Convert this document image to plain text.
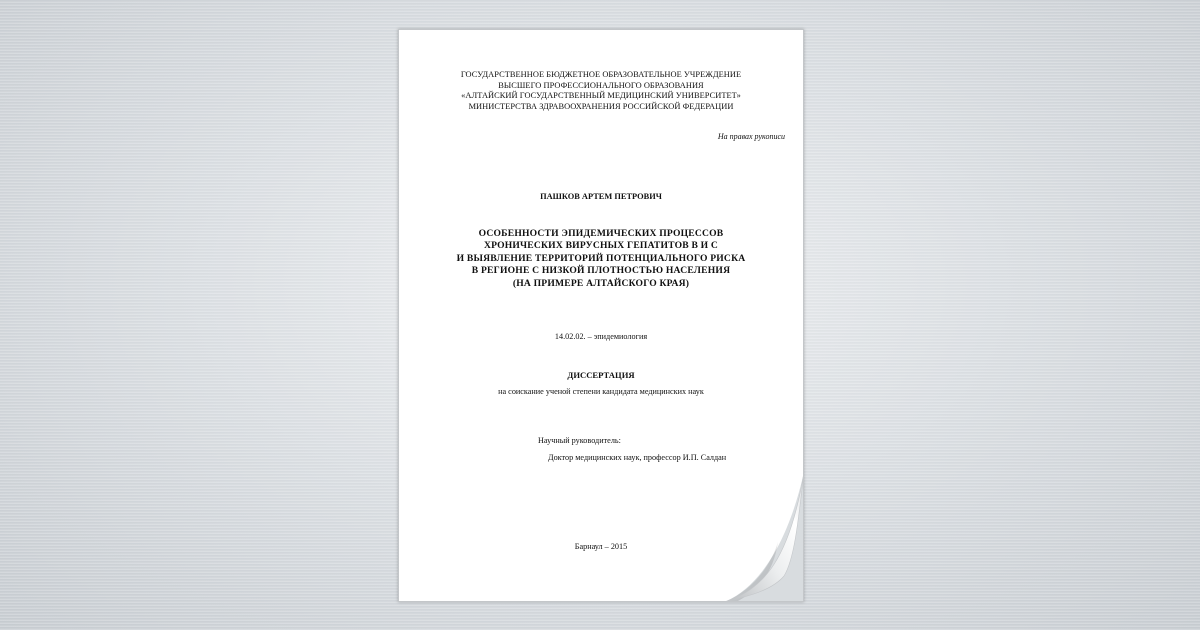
ГОСУДАРСТВЕННОЕ БЮДЖЕТНОЕ ОБРАЗОВАТЕЛЬНОЕ УЧРЕЖДЕНИЕ
ВЫСШЕГО ПРОФЕССИОНАЛЬНОГО ОБРАЗОВАНИЯ
«АЛТАЙСКИЙ ГОСУДАРСТВЕННЫЙ МЕДИЦИНСКИЙ УНИВЕРСИТЕТ»
МИНИСТЕРСТВА ЗДРАВООХРАНЕНИЯ РОССИЙСКОЙ ФЕДЕРАЦИИ
На правах рукописи
ПАШКОВ АРТЕМ ПЕТРОВИЧ
ОСОБЕННОСТИ ЭПИДЕМИЧЕСКИХ ПРОЦЕССОВ
ХРОНИЧЕСКИХ ВИРУСНЫХ ГЕПАТИТОВ В И С
И ВЫЯВЛЕНИЕ ТЕРРИТОРИЙ ПОТЕНЦИАЛЬНОГО РИСКА
В РЕГИОНЕ С НИЗКОЙ ПЛОТНОСТЬЮ НАСЕЛЕНИЯ
(НА ПРИМЕРЕ АЛТАЙСКОГО КРАЯ)
14.02.02. – эпидемиология
ДИССЕРТАЦИЯ
на соискание ученой степени кандидата медицинских наук
Научный руководитель:
Доктор медицинских наук, профессор И.П. Салдан
Барнаул – 2015
